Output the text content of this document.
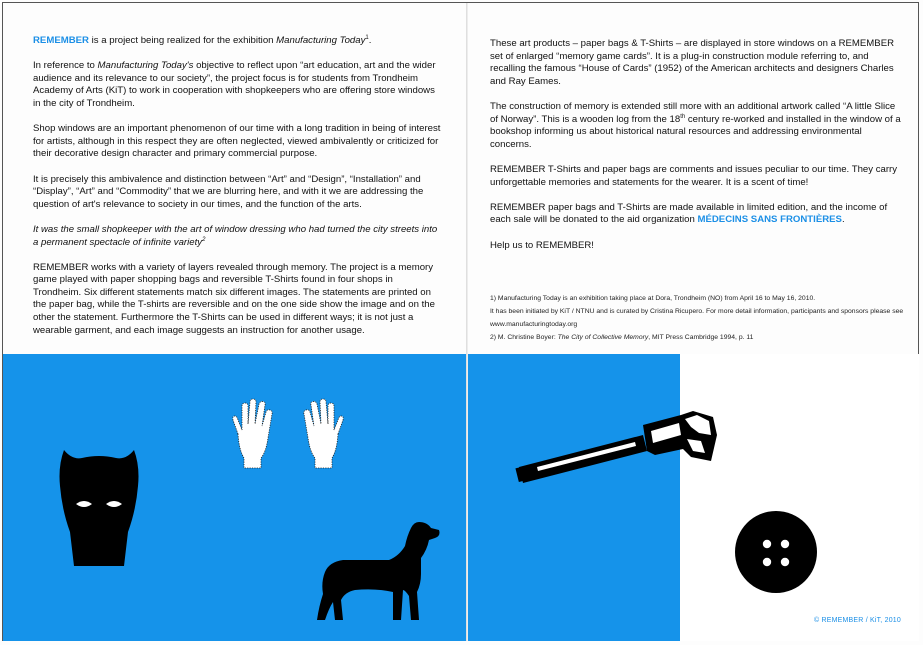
REMEMBER is a project being realized for the exhibition Manufacturing Today$^1$.

In reference to Manufacturing Today's objective to reflect upon “art education, art and the wider audience and its relevance to our society”, the project focus is for students from Trondheim Academy of Arts (KiT) to work in cooperation with shopkeepers who are offering store windows in the city of Trondheim.

Shop windows are an important phenomenon of our time with a long tradition in being of interest for artists, although in this respect they are often neglected, viewed ambivalently or criticized for their decorative design character and primary commercial purpose.

It is precisely this ambivalence and distinction between “Art” and “Design”, “Installation” and “Display”, “Art” and “Commodity” that we are blurring here, and with it we are addressing the question of art's relevance to society in our times, and the function of the arts.

It was the small shopkeeper with the art of window dressing who had turned the city streets into a permanent spectacle of infinite variety$^2$

REMEMBER works with a variety of layers revealed through memory. The project is a memory game played with paper shopping bags and reversible T-Shirts found in four shops in Trondheim. Six different statements match six different images. The statements are printed on the paper bag, while the T-shirts are reversible and on the one side show the image and on the other the statement. Furthermore the T-Shirts can be used in different ways; it is not just a wearable garment, and each image suggests an instruction for another usage.

These art products – paper bags & T-Shirts – are displayed in store windows on a REMEMBER set of enlarged “memory game cards”. It is a plug-in construction module referring to, and recalling the famous “House of Cards” (1952) of the American architects and designers Charles and Ray Eames.

The construction of memory is extended still more with an additional artwork called “A little Slice of Norway”. This is a wooden log from the 18th century re-worked and installed in the window of a bookshop informing us about historical natural resources and addressing environmental concerns.

REMEMBER T-Shirts and paper bags are comments and issues peculiar to our time. They carry unforgettable memories and statements for the wearer. It is a scent of time!

REMEMBER paper bags and T-Shirts are made available in limited edition, and the income of each sale will be donated to the aid organization MÉDECINS SANS FRONTIÈRES.

Help us to REMEMBER!

1) Manufacturing Today is an exhibition taking place at Dora, Trondheim (NO) from April 16 to May 16, 2010.
It has been initiated by KiT / NTNU and is curated by Cristina Ricupero. For more detail information, participants and sponsors please see
www.manufacturingtoday.org
2) M. Christine Boyer: The City of Collective Memory, MIT Press Cambridge 1994, p. 11
© REMEMBER / KiT, 2010
